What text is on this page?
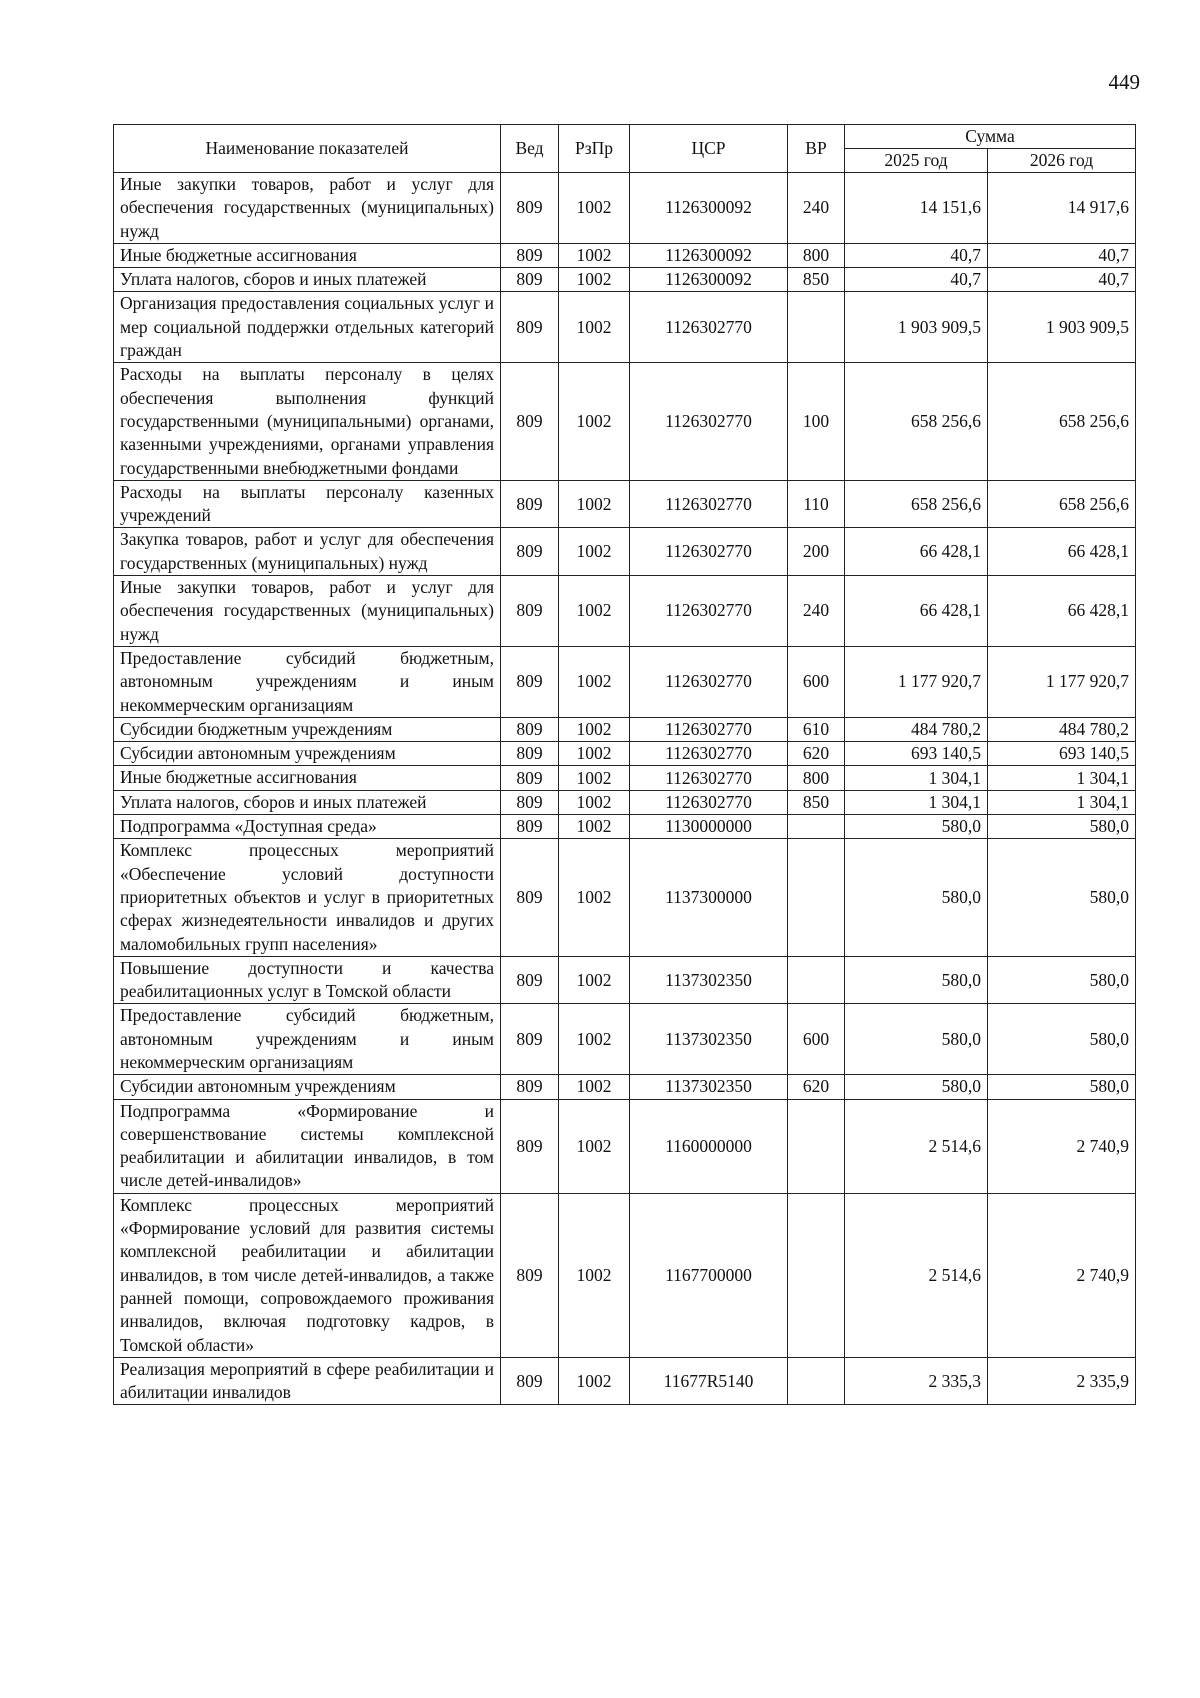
449
Наименование показателей	Вед	РзПр	ЦСР	ВР	Сумма	
					2025 год	2026 год
Иные закупки товаров, работ и услуг для обеспечения государственных (муниципальных) нужд	809	1002	1126300092	240	14 151,6	14 917,6
Иные бюджетные ассигнования	809	1002	1126300092	800	40,7	40,7
Уплата налогов, сборов и иных платежей	809	1002	1126300092	850	40,7	40,7
Организация предоставления социальных услуг и мер социальной поддержки отдельных категорий граждан	809	1002	1126302770		1 903 909,5	1 903 909,5
Расходы на выплаты персоналу в целях обеспечения выполнения функций государственными (муниципальными) органами, казенными учреждениями, органами управления государственными внебюджетными фондами	809	1002	1126302770	100	658 256,6	658 256,6
Расходы на выплаты персоналу казенных учреждений	809	1002	1126302770	110	658 256,6	658 256,6
Закупка товаров, работ и услуг для обеспечения государственных (муниципальных) нужд	809	1002	1126302770	200	66 428,1	66 428,1
Иные закупки товаров, работ и услуг для обеспечения государственных (муниципальных) нужд	809	1002	1126302770	240	66 428,1	66 428,1
Предоставление субсидий бюджетным, автономным учреждениям и иным некоммерческим организациям	809	1002	1126302770	600	1 177 920,7	1 177 920,7
Субсидии бюджетным учреждениям	809	1002	1126302770	610	484 780,2	484 780,2
Субсидии автономным учреждениям	809	1002	1126302770	620	693 140,5	693 140,5
Иные бюджетные ассигнования	809	1002	1126302770	800	1 304,1	1 304,1
Уплата налогов, сборов и иных платежей	809	1002	1126302770	850	1 304,1	1 304,1
Подпрограмма «Доступная среда»	809	1002	1130000000		580,0	580,0
Комплекс процессных мероприятий «Обеспечение условий доступности приоритетных объектов и услуг в приоритетных сферах жизнедеятельности инвалидов и других маломобильных групп населения»	809	1002	1137300000		580,0	580,0
Повышение доступности и качества реабилитационных услуг в Томской области	809	1002	1137302350		580,0	580,0
Предоставление субсидий бюджетным, автономным учреждениям и иным некоммерческим организациям	809	1002	1137302350	600	580,0	580,0
Субсидии автономным учреждениям	809	1002	1137302350	620	580,0	580,0
Подпрограмма «Формирование и совершенствование системы комплексной реабилитации и абилитации инвалидов, в том числе детей-инвалидов»	809	1002	1160000000		2 514,6	2 740,9
Комплекс процессных мероприятий «Формирование условий для развития системы комплексной реабилитации и абилитации инвалидов, в том числе детей-инвалидов, а также ранней помощи, сопровождаемого проживания инвалидов, включая подготовку кадров, в Томской области»	809	1002	1167700000		2 514,6	2 740,9
Реализация мероприятий в сфере реабилитации и абилитации инвалидов	809	1002	11677R5140		2 335,3	2 335,9
